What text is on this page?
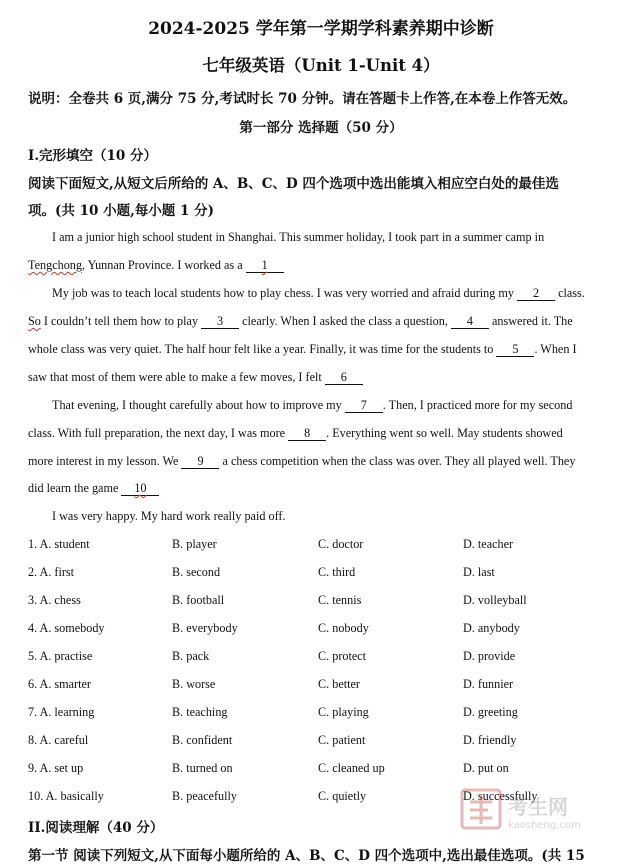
2024-2025 学年第一学期学科素养期中诊断
七年级英语（Unit 1-Unit 4）
说明：全卷共 6 页,满分 75 分,考试时长 70 分钟。请在答题卡上作答,在本卷上作答无效。
第一部分 选择题（50 分）
I.完形填空（10 分）
阅读下面短文,从短文后所给的 A、B、C、D 四个选项中选出能填入相应空白处的最佳选
项。(共 10 小题,每小题 1 分)
I am a junior high school student in Shanghai. This summer holiday, I took part in a summer camp in
Tengchong, Yunnan Province. I worked as a 1
My job was to teach local students how to play chess. I was very worried and afraid during my 2 class.
So I couldn’t tell them how to play 3 clearly. When I asked the class a question, 4 answered it. The
whole class was very quiet. The half hour felt like a year. Finally, it was time for the students to 5 . When I
saw that most of them were able to make a few moves, I felt 6
That evening, I thought carefully about how to improve my 7 . Then, I practiced more for my second
class. With full preparation, the next day, I was more 8 . Everything went so well. May students showed
more interest in my lesson. We 9 a chess competition when the class was over. They all played well. They
did learn the game 10
I was very happy. My hard work really paid off.
1. A. student	B. player	C. doctor	D. teacher
2. A. first	B. second	C. third	D. last
3. A. chess	B. football	C. tennis	D. volleyball
4. A. somebody	B. everybody	C. nobody	D. anybody
5. A. practise	B. pack	C. protect	D. provide
6. A. smarter	B. worse	C. better	D. funnier
7. A. learning	B. teaching	C. playing	D. greeting
8. A. careful	B. confident	C. patient	D. friendly
9. A. set up	B. turned on	C. cleaned up	D. put on
10. A. basically	B. peacefully	C. quietly	D. successfully
考生网
kaosheng.com
II.阅读理解（40 分）
第一节 阅读下列短文,从下面每小题所给的 A、B、C、D 四个选项中,选出最佳选项。(共 15
